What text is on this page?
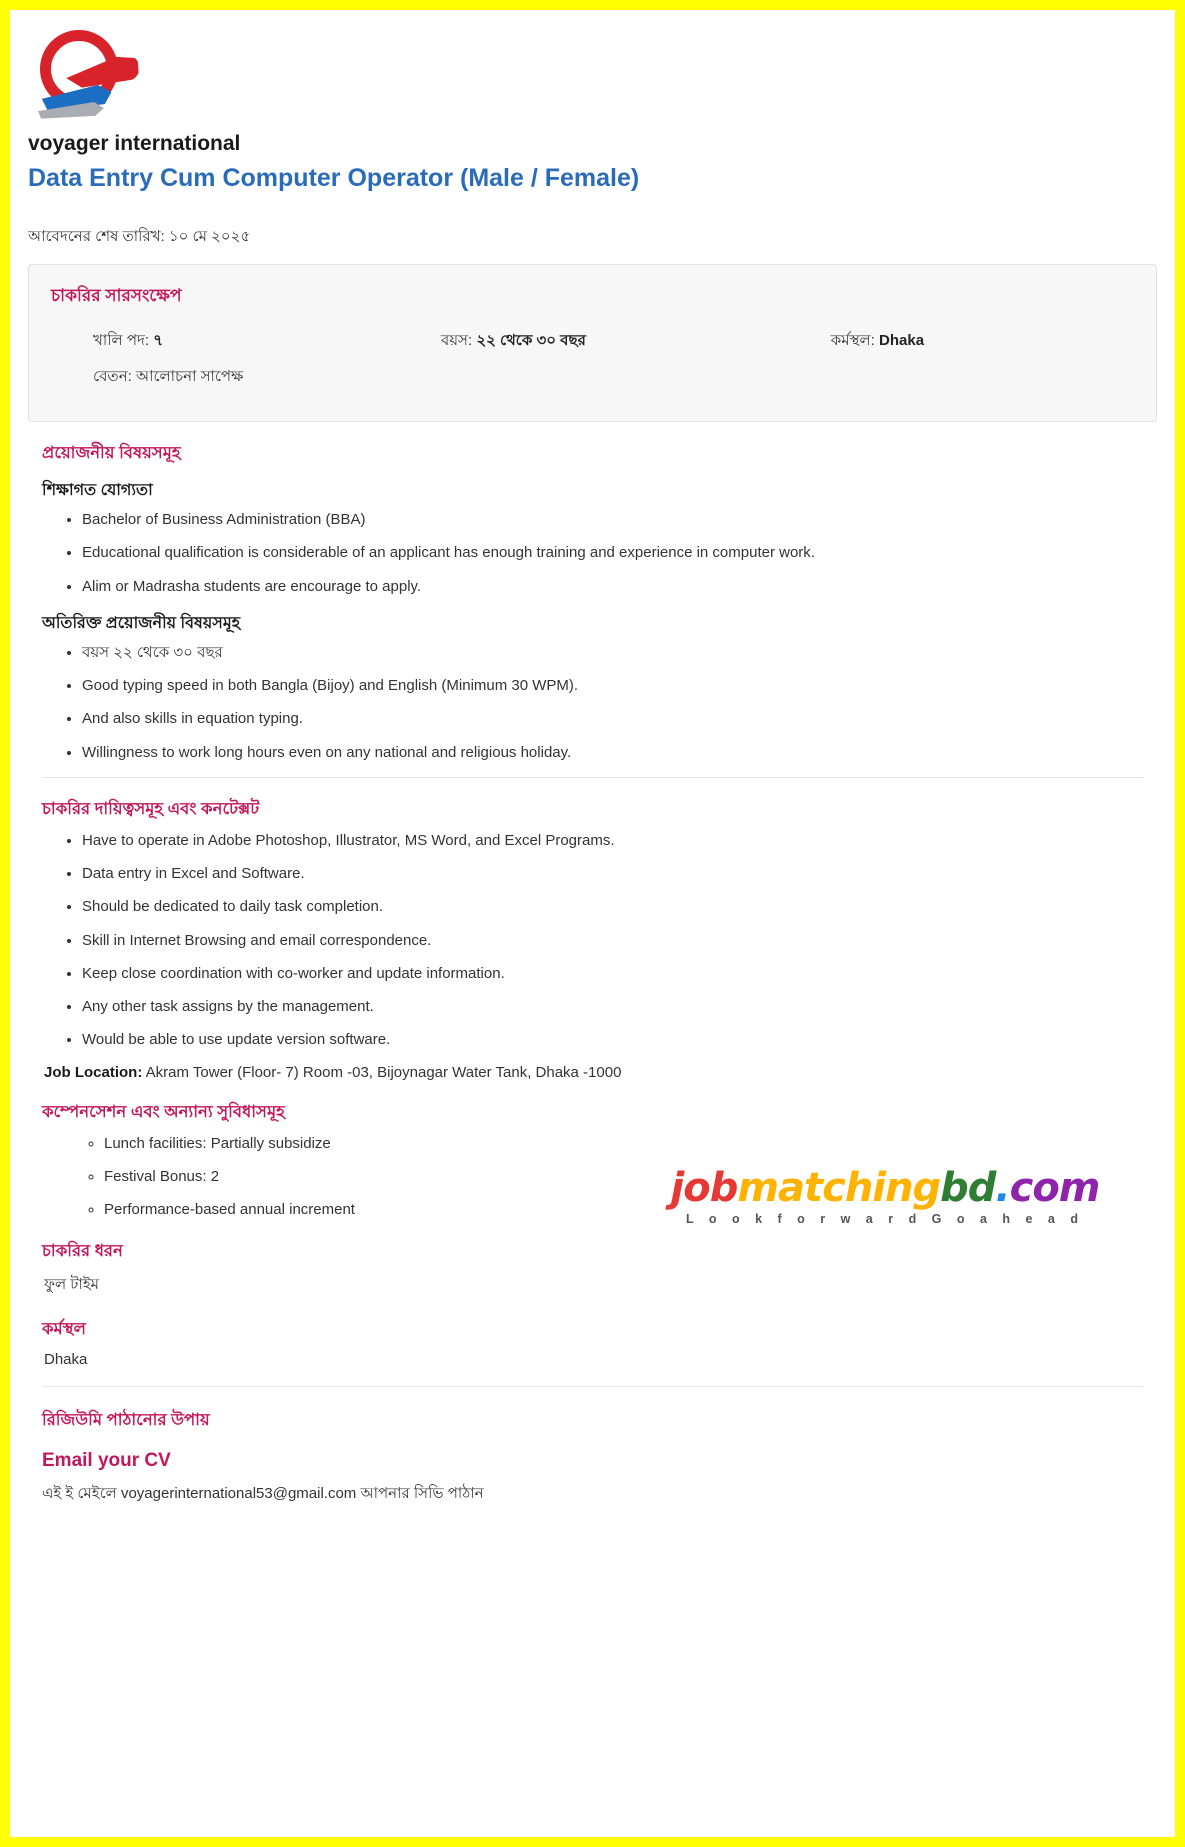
voyager international
Data Entry Cum Computer Operator (Male / Female)
আবেদনের শেষ তারিখ: ১০ মে ২০২৫
চাকরির সারসংক্ষেপ
খালি পদ: ৭
বেতন: আলোচনা সাপেক্ষ
বয়স: ২২ থেকে ৩০ বছর	কর্মস্থল: Dhaka
প্রয়োজনীয় বিষয়সমূহ
শিক্ষাগত যোগ্যতা
• Bachelor of Business Administration (BBA)
• Educational qualification is considerable of an applicant has enough training and experience in computer work.
• Alim or Madrasha students are encourage to apply.
অতিরিক্ত প্রয়োজনীয় বিষয়সমূহ
• বয়স ২২ থেকে ৩০ বছর
• Good typing speed in both Bangla (Bijoy) and English (Minimum 30 WPM).
• And also skills in equation typing.
• Willingness to work long hours even on any national and religious holiday.
চাকরির দায়িত্বসমূহ এবং কনটেক্সট
• Have to operate in Adobe Photoshop, Illustrator, MS Word, and Excel Programs.
• Data entry in Excel and Software.
• Should be dedicated to daily task completion.
• Skill in Internet Browsing and email correspondence.
• Keep close coordination with co-worker and update information.
• Any other task assigns by the management.
• Would be able to use update version software.
Job Location: Akram Tower (Floor- 7) Room -03, Bijoynagar Water Tank, Dhaka -1000
কম্পেনসেশন এবং অন্যান্য সুবিধাসমূহ
◦ Lunch facilities: Partially subsidize
◦ Festival Bonus: 2
◦ Performance-based annual increment
চাকরির ধরন
ফুল টাইম
কর্মস্থল
Dhaka
রিজিউমি পাঠানোর উপায়
Email your CV
এই ই মেইলে voyagerinternational53@gmail.com আপনার সিভি পাঠান
jobmatchingbd.com
L o o k f o r w a r d G o a h e a d
